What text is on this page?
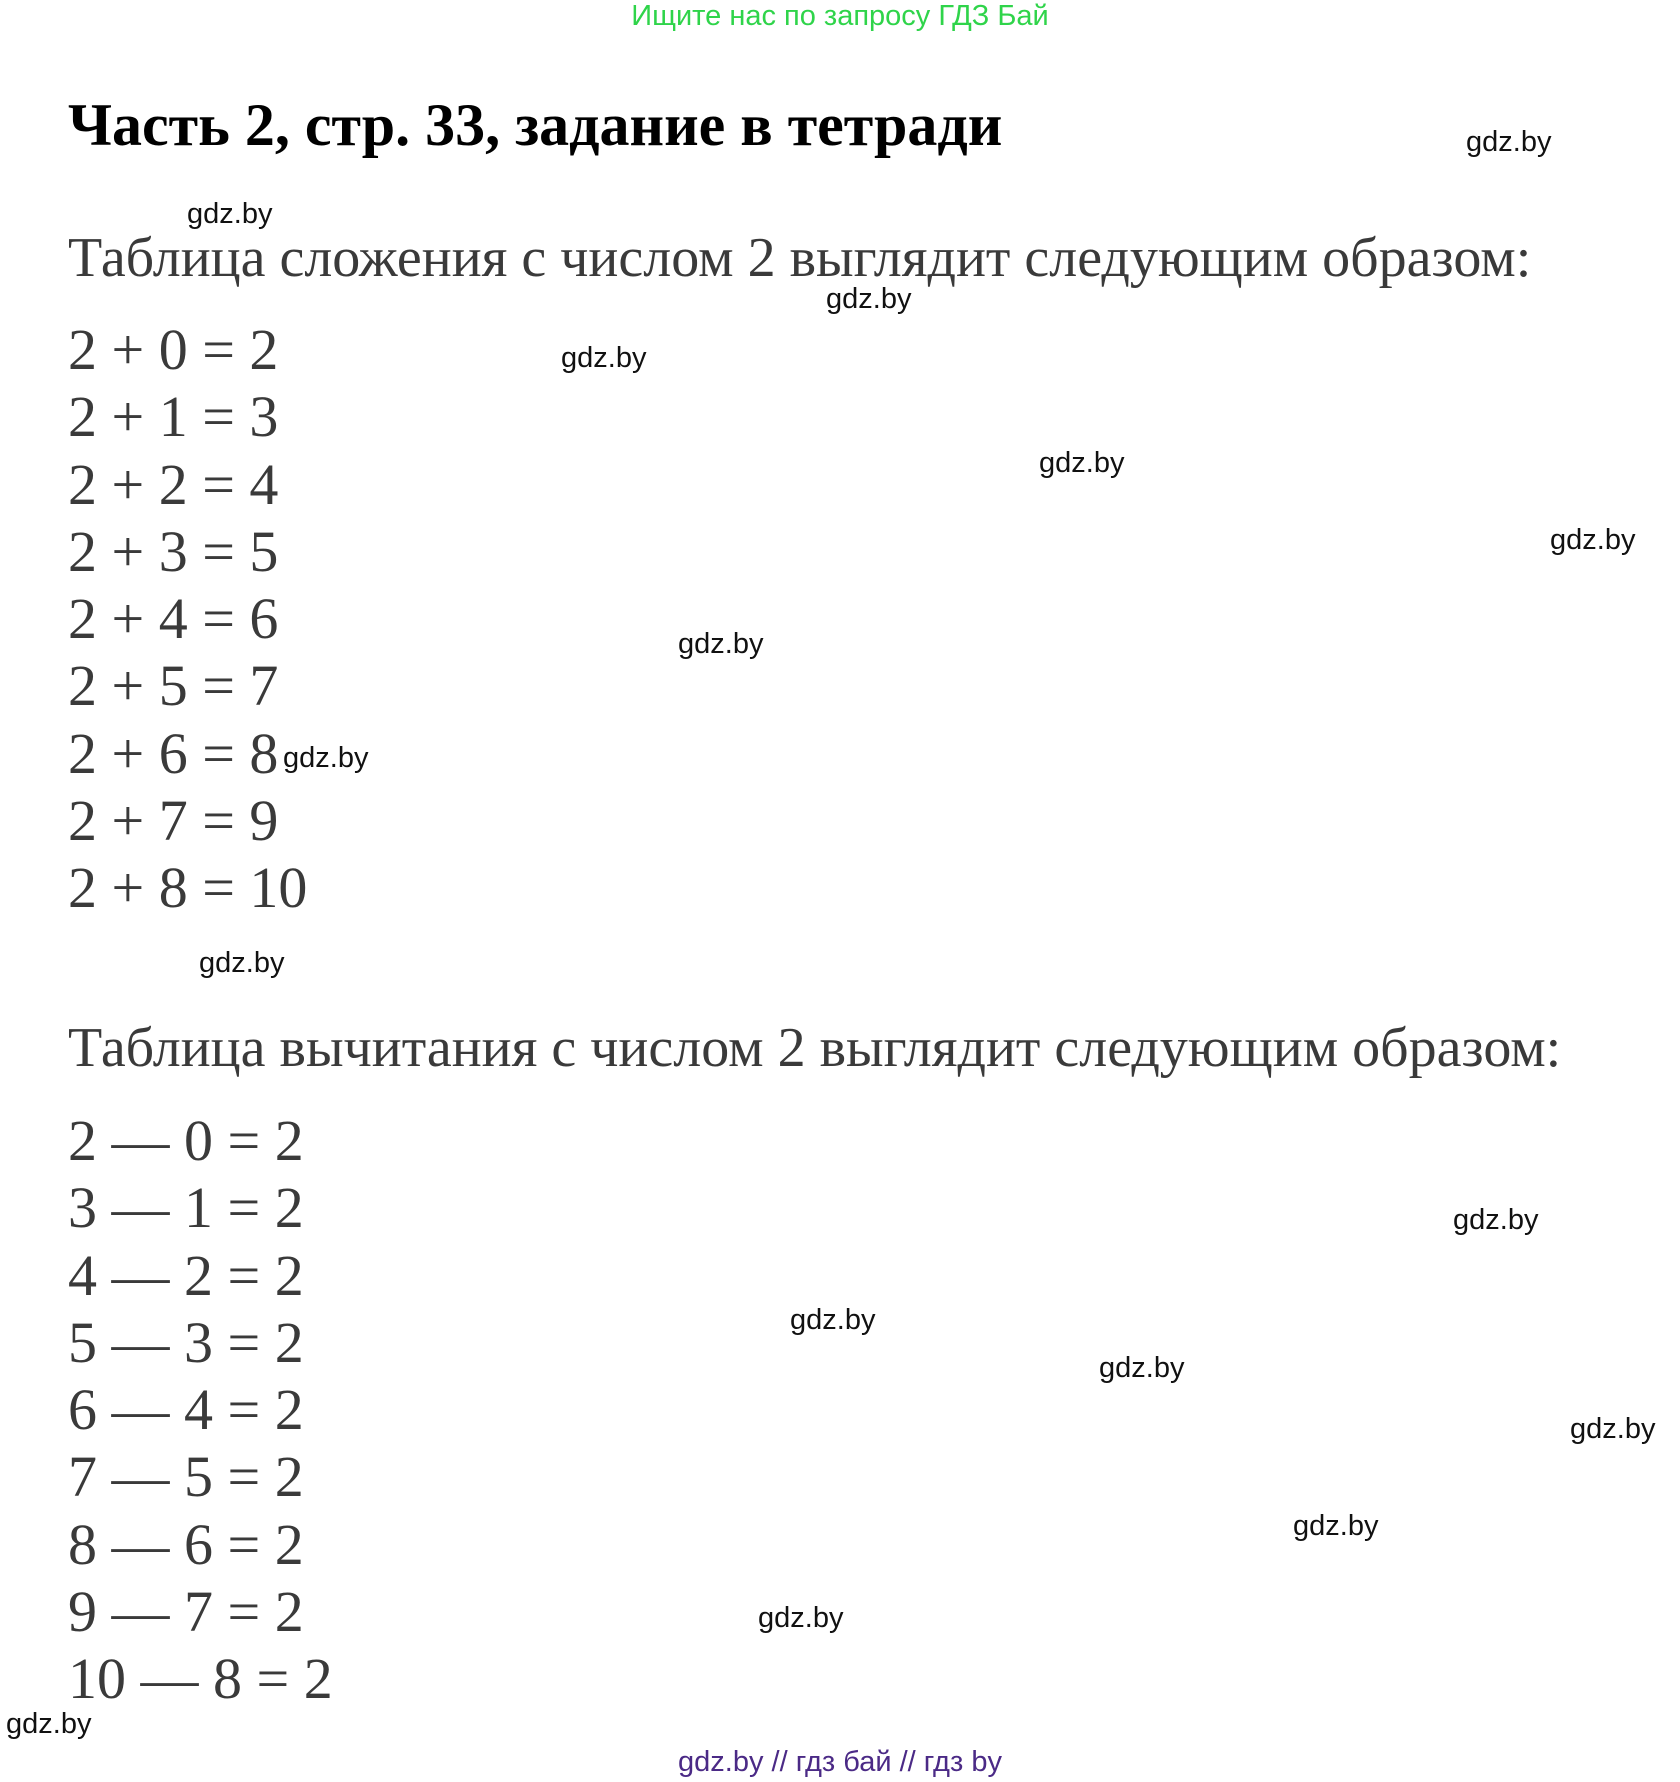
Ищите нас по запросу ГДЗ Бай
Часть 2, стр. 33, задание в тетради	gdz.by
gdz.by
Таблица сложения с числом 2 выглядит следующим образом:
gdz.by
2 + 0 = 2
2 + 1 = 3
2 + 2 = 4
2 + 3 = 5
2 + 4 = 6
2 + 5 = 7
2 + 6 = 8
2 + 7 = 9
2 + 8 = 10
gdz.by
gdz.by
gdz.by
gdz.by
gdz.by
gdz.by
Таблица вычитания с числом 2 выглядит следующим образом:
2 — 0 = 2
3 — 1 = 2
4 — 2 = 2
5 — 3 = 2
6 — 4 = 2
7 — 5 = 2
8 — 6 = 2
9 — 7 = 2
10 — 8 = 2
gdz.by
gdz.by
gdz.by
gdz.by
gdz.by
gdz.by
gdz.by
gdz.by // гдз бай // гдз by
